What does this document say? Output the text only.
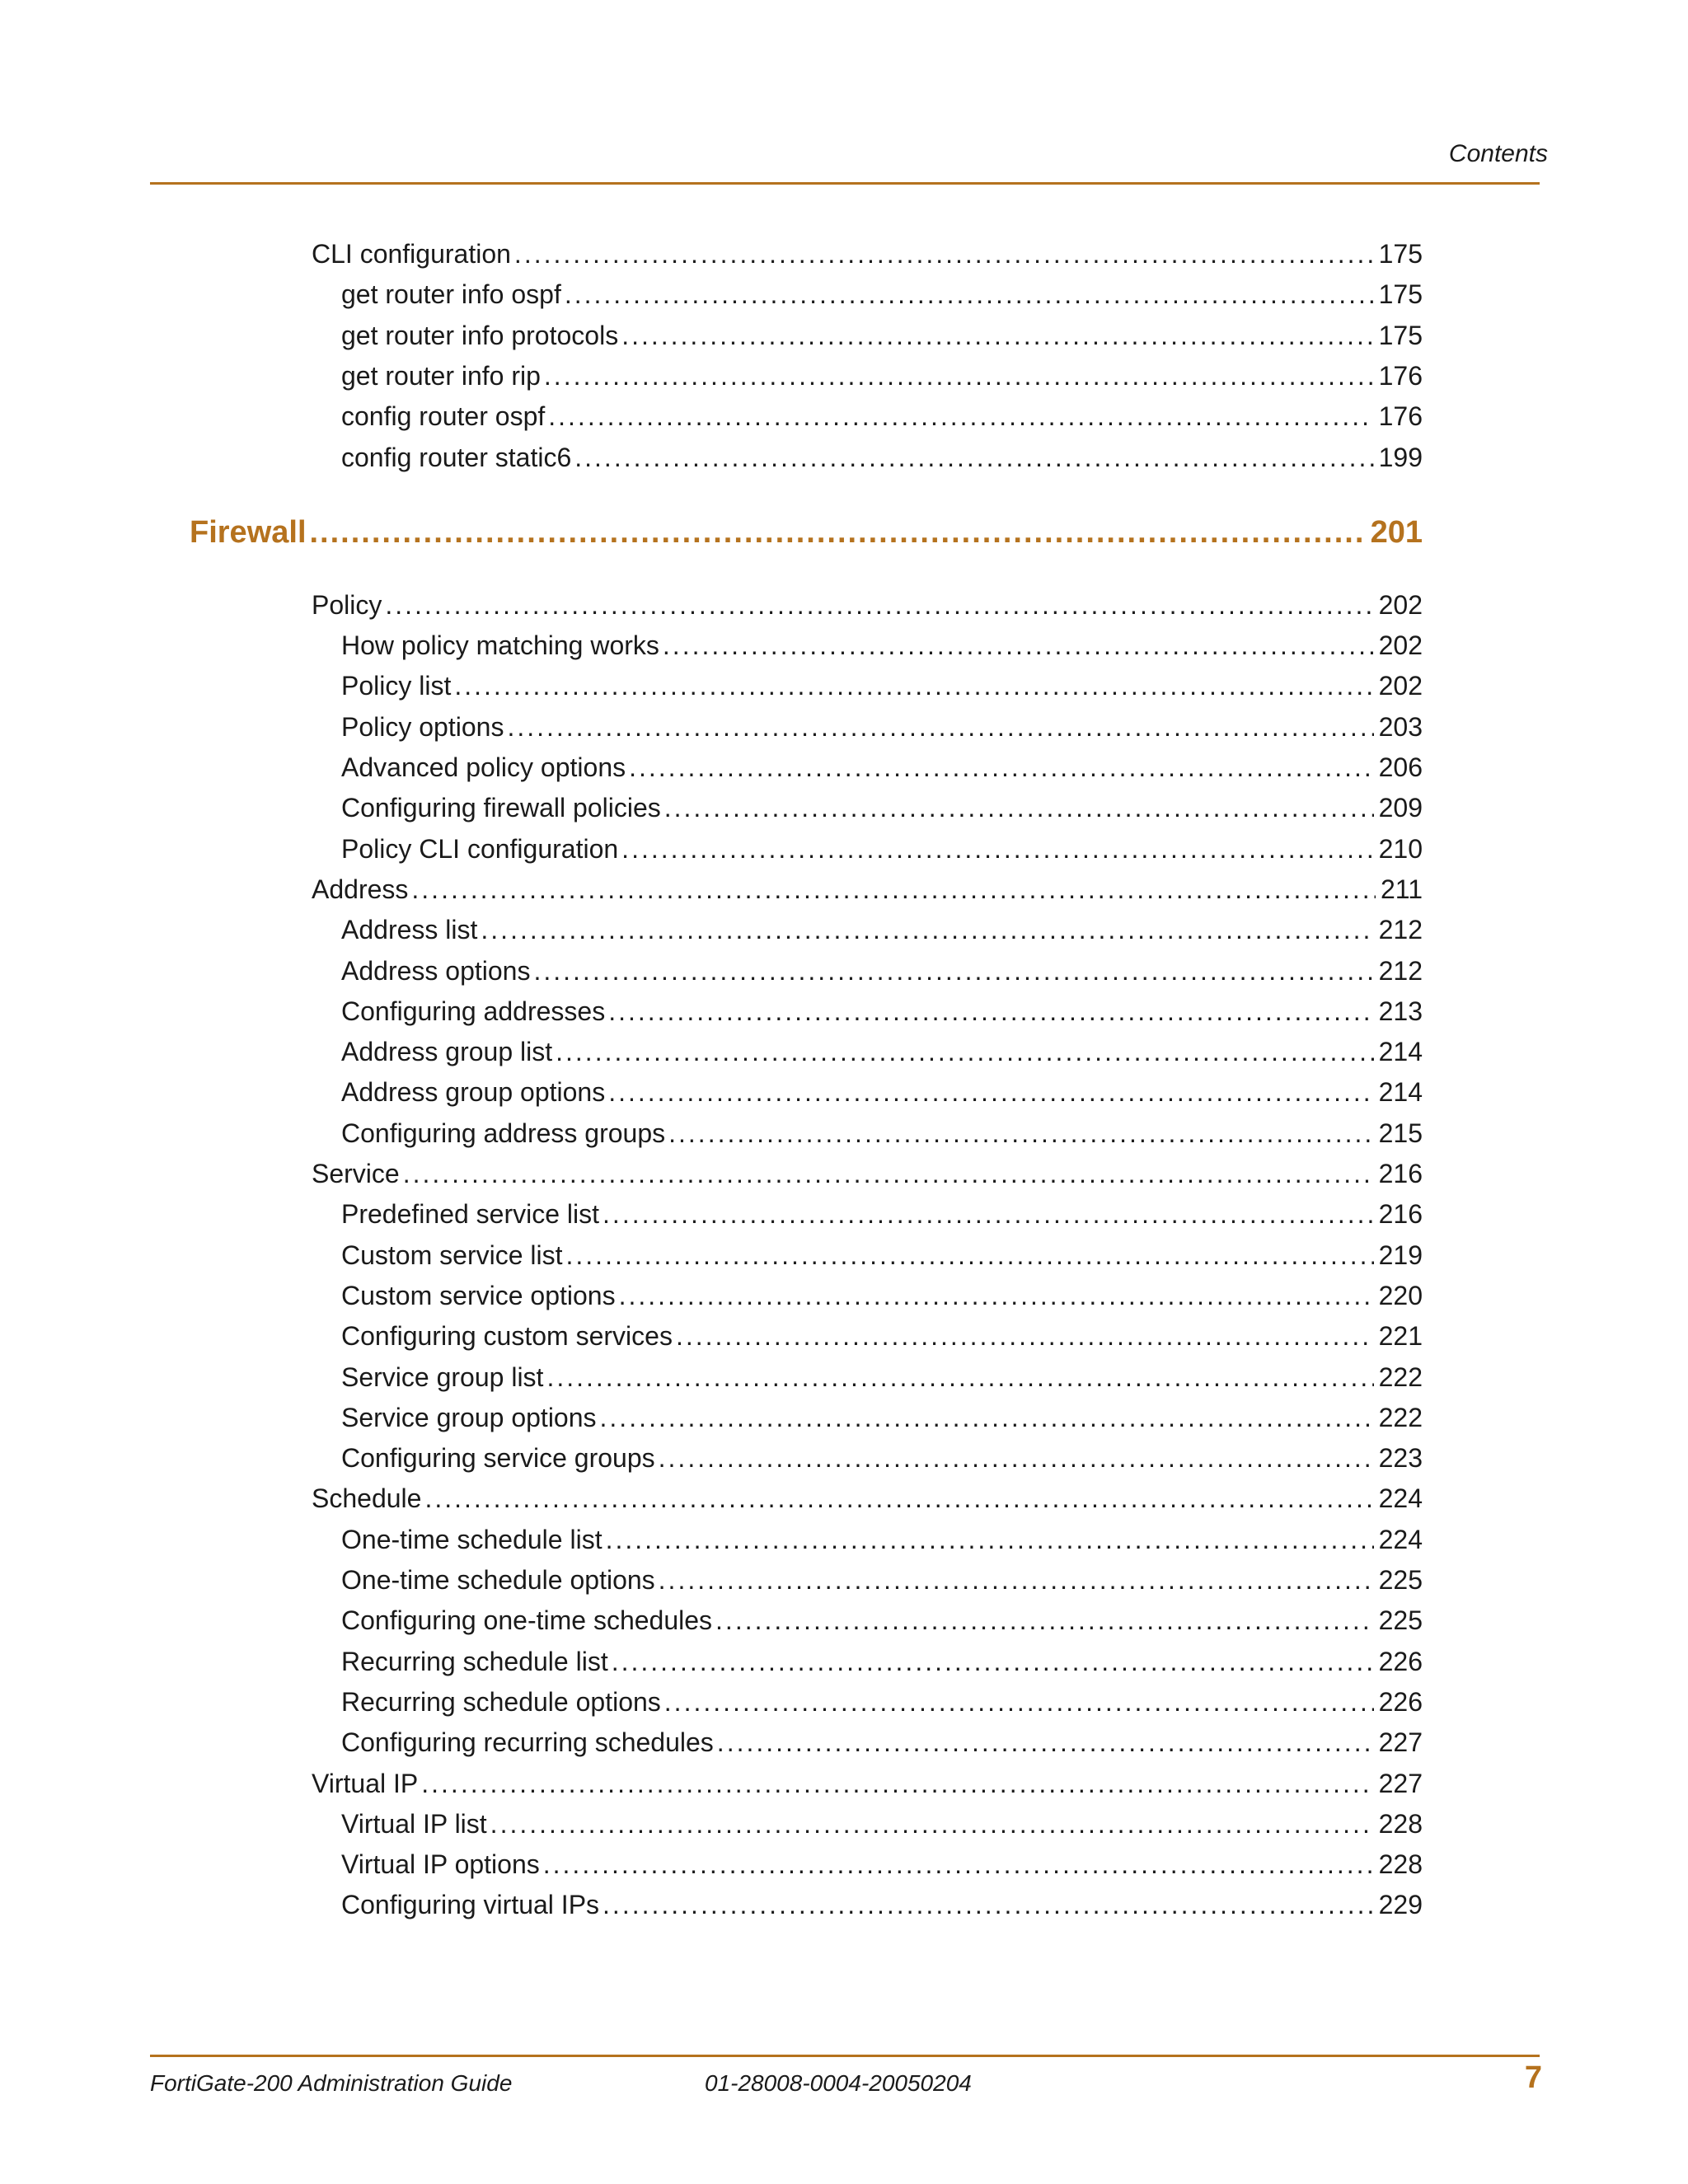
Contents
CLI configuration .....	175
get router info ospf .....	175
get router info protocols .....	175
get router info rip .....	176
config router ospf .....	176
config router static6 .....	199
Firewall .....	201
Policy .....	202
How policy matching works .....	202
Policy list .....	202
Policy options .....	203
Advanced policy options .....	206
Configuring firewall policies .....	209
Policy CLI configuration .....	210
Address .....	211
Address list .....	212
Address options .....	212
Configuring addresses .....	213
Address group list .....	214
Address group options .....	214
Configuring address groups .....	215
Service .....	216
Predefined service list .....	216
Custom service list .....	219
Custom service options .....	220
Configuring custom services .....	221
Service group list .....	222
Service group options .....	222
Configuring service groups .....	223
Schedule .....	224
One-time schedule list .....	224
One-time schedule options .....	225
Configuring one-time schedules .....	225
Recurring schedule list .....	226
Recurring schedule options .....	226
Configuring recurring schedules .....	227
Virtual IP .....	227
Virtual IP list .....	228
Virtual IP options .....	228
Configuring virtual IPs .....	229
FortiGate-200 Administration Guide	01-28008-0004-20050204	7
